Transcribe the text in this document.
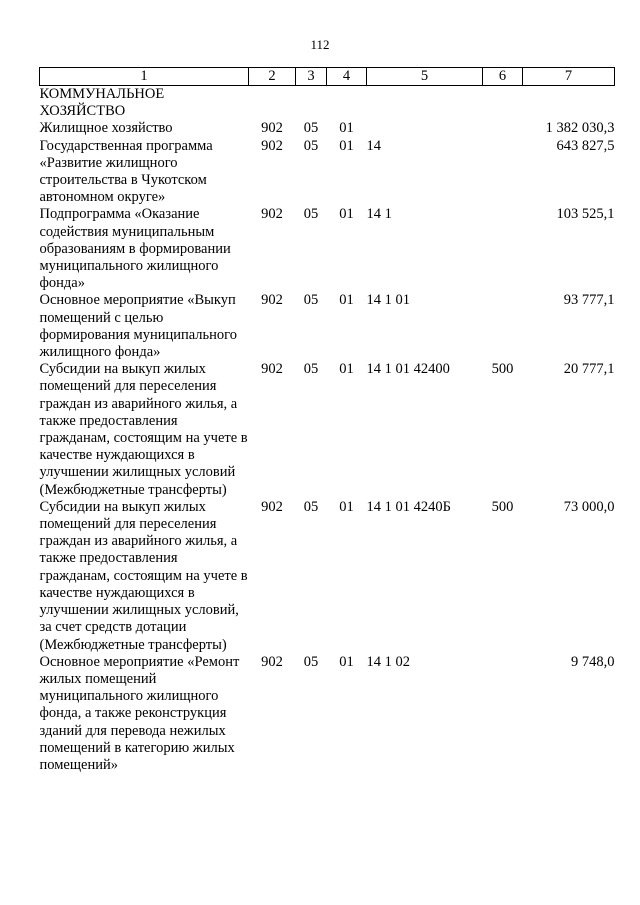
112
1	2	3	4	5	6	7
КОММУНАЛЬНОЕ ХОЗЯЙСТВО						
Жилищное хозяйство	902	05	01			1 382 030,3
Государственная программа «Развитие жилищного строительства в Чукотском автономном округе»	902	05	01	14		643 827,5
Подпрограмма «Оказание содействия муниципальным образованиям в формировании муниципального жилищного фонда»	902	05	01	14 1		103 525,1
Основное мероприятие «Выкуп помещений с целью формирования муниципального жилищного фонда»	902	05	01	14 1 01		93 777,1
Субсидии на выкуп жилых помещений для переселения граждан из аварийного жилья, а также предоставления гражданам, состоящим на учете в качестве нуждающихся в улучшении жилищных условий (Межбюджетные трансферты)	902	05	01	14 1 01 42400	500	20 777,1
Субсидии на выкуп жилых помещений для переселения граждан из аварийного жилья, а также предоставления гражданам, состоящим на учете в качестве нуждающихся в улучшении жилищных условий, за счет средств дотации (Межбюджетные трансферты)	902	05	01	14 1 01 4240Б	500	73 000,0
Основное мероприятие «Ремонт жилых помещений муниципального жилищного фонда, а также реконструкция зданий для перевода нежилых помещений в категорию жилых помещений»	902	05	01	14 1 02		9 748,0
